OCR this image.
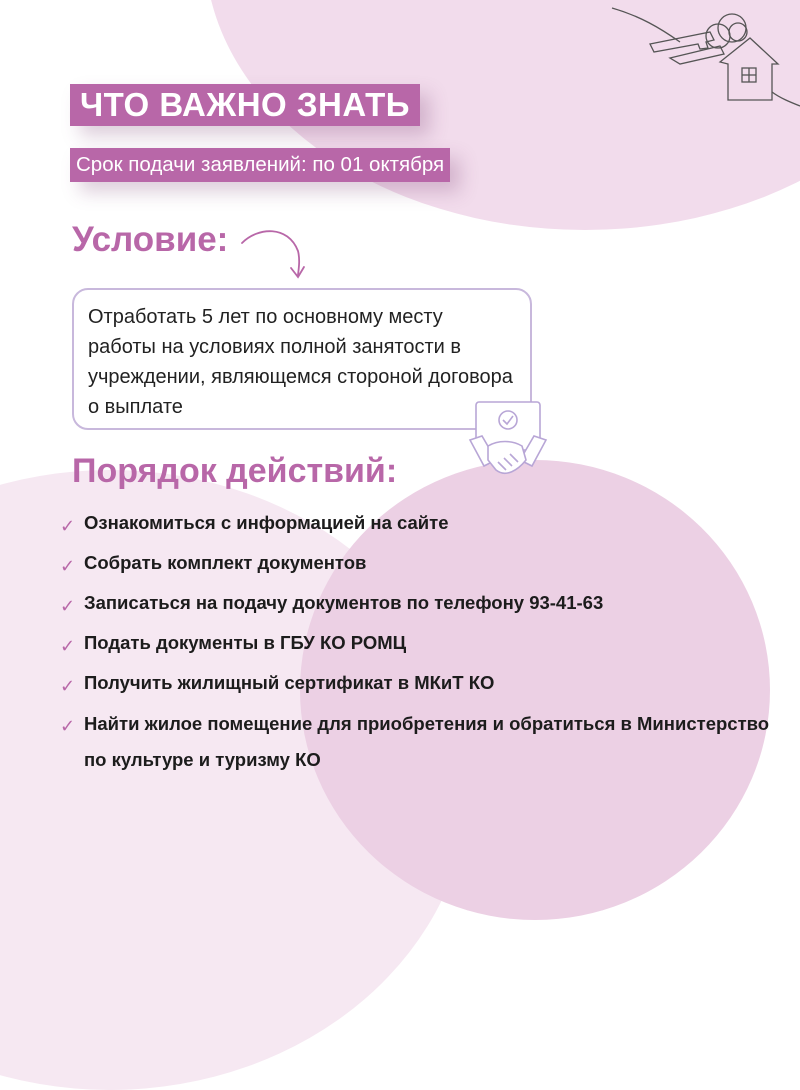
ЧТО ВАЖНО ЗНАТЬ
Срок подачи заявлений: по 01 октября
Условие:
Отработать 5 лет по основному месту работы на условиях полной занятости в учреждении, являющемся стороной договора о выплате
Порядок действий:
✓ Ознакомиться с информацией на сайте
✓ Собрать комплект документов
✓ Записаться на подачу документов по телефону 93-41-63
✓ Подать документы в ГБУ КО РОМЦ
✓ Получить жилищный сертификат в МКиТ КО
✓ Найти жилое помещение для приобретения и обратиться в Министерство по культуре и туризму КО
